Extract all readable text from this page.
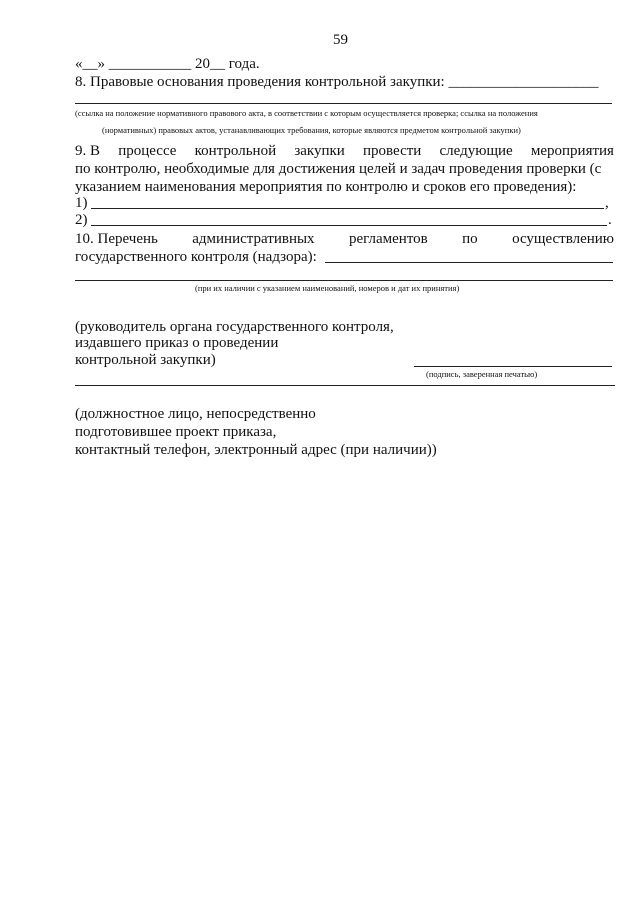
59
«__» ___________ 20__ года.
8. Правовые основания проведения контрольной закупки: ____________________
(ссылка на положение нормативного правового акта, в соответствии с которым осуществляется проверка; ссылка на положения
(нормативных) правовых актов, устанавливающих требования, которые являются предметом контрольной закупки)
9. В процессе контрольной закупки провести следующие мероприятия
по контролю, необходимые для достижения целей и задач проведения проверки (с
указанием наименования мероприятия по контролю и сроков его проведения):
1)	,
2)	.
10. Перечень административных регламентов по осуществлению
государственного контроля (надзора):
(при их наличии с указанием наименований, номеров и дат их принятия)
(руководитель органа государственного контроля,
издавшего приказ о проведении
контрольной закупки)
(подпись, заверенная печатью)
(должностное лицо, непосредственно
подготовившее проект приказа,
контактный телефон, электронный адрес (при наличии))
